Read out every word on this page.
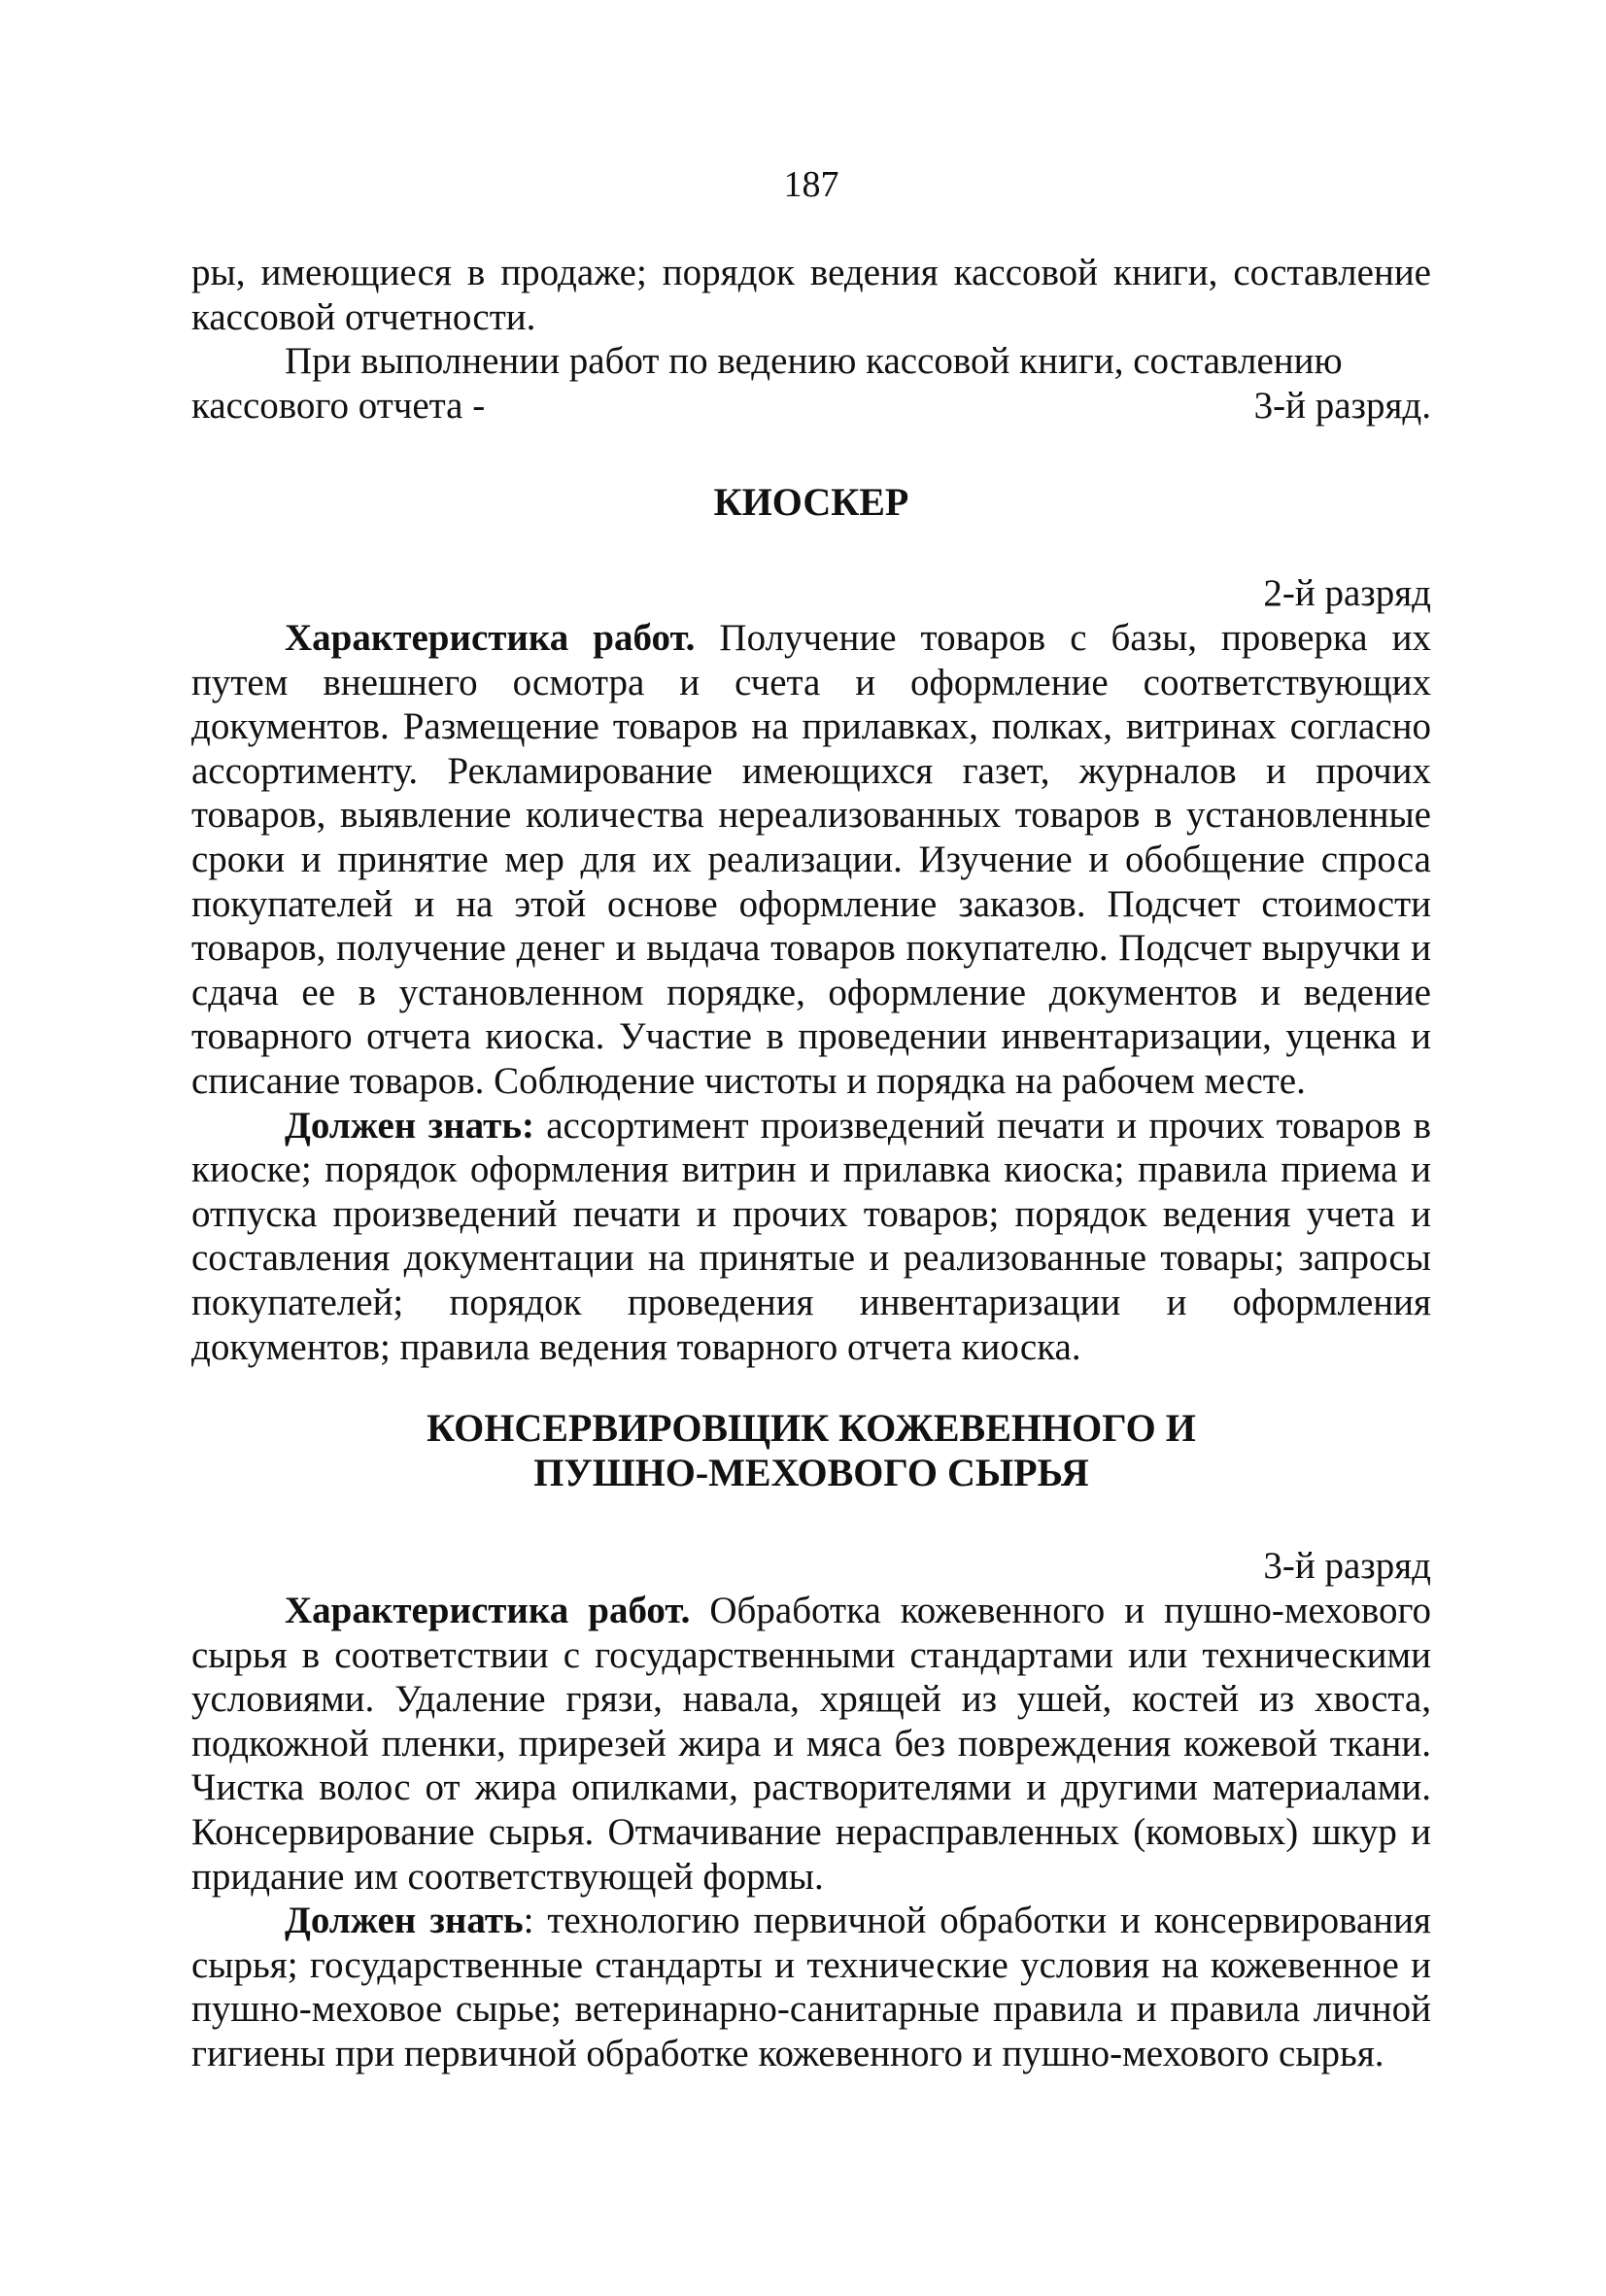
187

ры, имеющиеся в продаже; порядок ведения кассовой книги, составление кассовой отчетности.

При выполнении работ по ведению кассовой книги, составлению

кассового отчета -	3-й разряд.
КИОСКЕР
2-й разряд

Характеристика работ. Получение товаров с базы, проверка их путем внешнего осмотра и счета и оформление соответствующих документов. Размещение товаров на прилавках, полках, витринах согласно ассортименту. Рекламирование имеющихся газет, журналов и прочих товаров, выявление количества нереализованных товаров в установленные сроки и принятие мер для их реализации. Изучение и обобщение спроса покупателей и на этой основе оформление заказов. Подсчет стоимости товаров, получение денег и выдача товаров покупателю. Подсчет выручки и сдача ее в установленном порядке, оформление документов и ведение товарного отчета киоска. Участие в проведении инвентаризации, уценка и списание товаров. Соблюдение чистоты и порядка на рабочем месте.

Должен знать: ассортимент произведений печати и прочих товаров в киоске; порядок оформления витрин и прилавка киоска; правила приема и отпуска произведений печати и прочих товаров; порядок ведения учета и составления документации на принятые и реализованные товары; запросы покупателей; порядок проведения инвентаризации и оформления документов; правила ведения товарного отчета киоска.

КОНСЕРВИРОВЩИК КОЖЕВЕННОГО И
ПУШНО-МЕХОВОГО СЫРЬЯ
3-й разряд

Характеристика работ. Обработка кожевенного и пушно-мехового сырья в соответствии с государственными стандартами или техническими условиями. Удаление грязи, навала, хрящей из ушей, костей из хвоста, подкожной пленки, прирезей жира и мяса без повреждения кожевой ткани. Чистка волос от жира опилками, растворителями и другими материалами. Консервирование сырья. Отмачивание нерасправленных (комовых) шкур и придание им соответствующей формы.

Должен знать: технологию первичной обработки и консервирования сырья; государственные стандарты и технические условия на кожевенное и пушно-меховое сырье; ветеринарно-санитарные правила и правила личной гигиены при первичной обработке кожевенного и пушно-мехового сырья.
